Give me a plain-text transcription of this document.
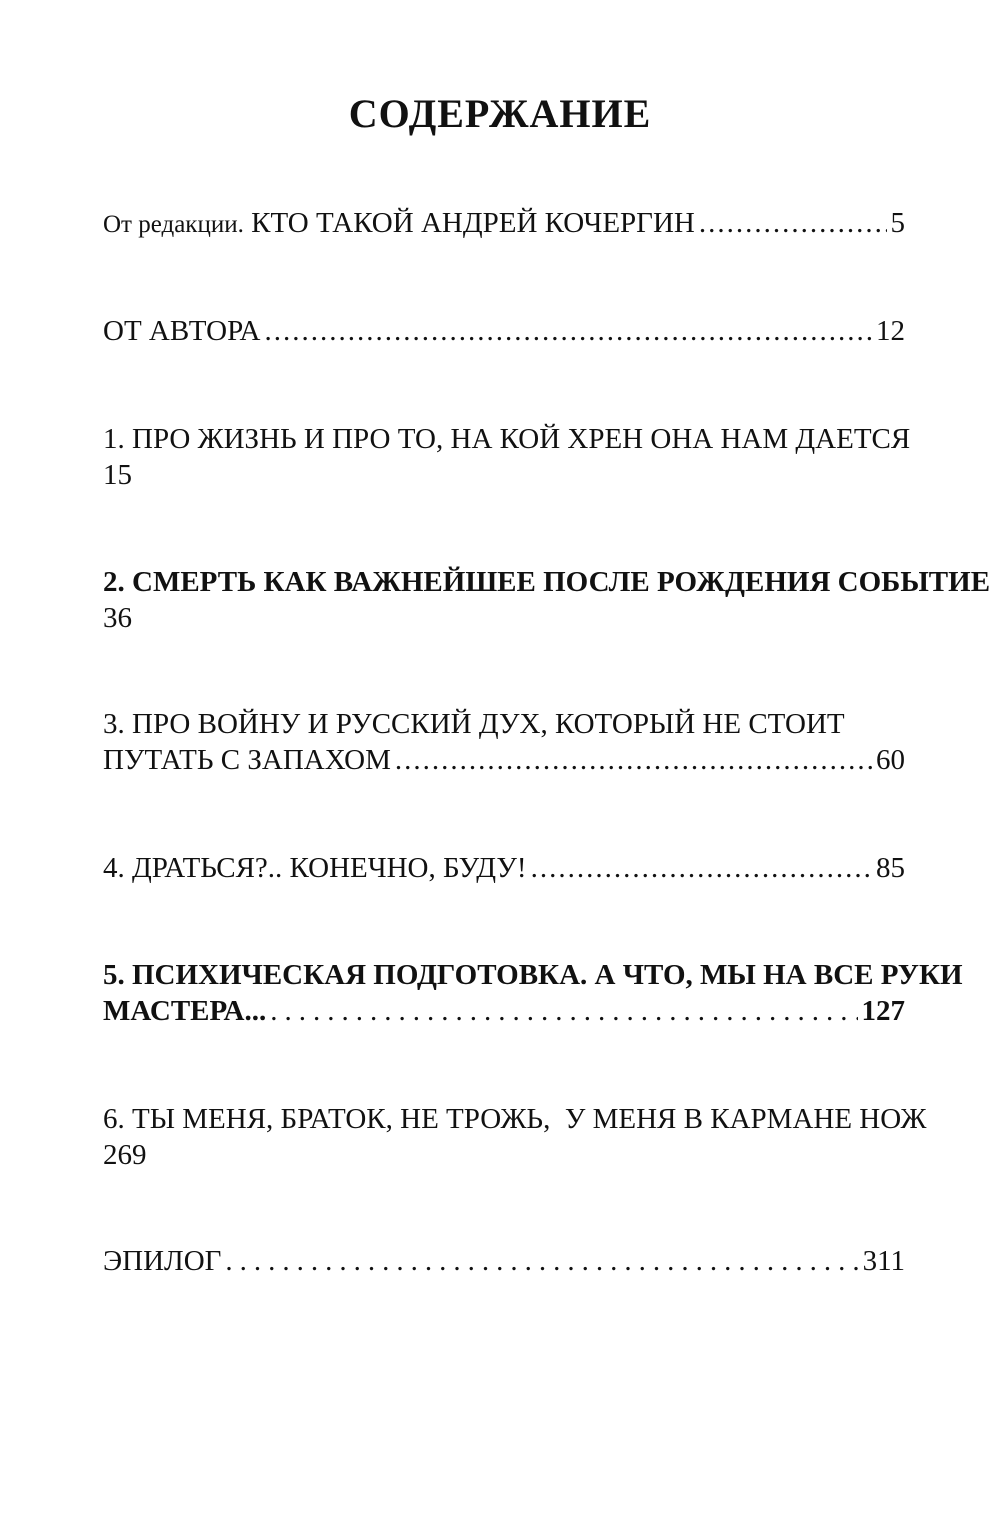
СОДЕРЖАНИЕ
От редакции.
КТО ТАКОЙ АНДРЕЙ КОЧЕРГИН .....	5
ОТ АВТОРА .....	12
1. ПРО ЖИЗНЬ И ПРО ТО, НА КОЙ ХРЕН ОНА НАМ ДАЕТСЯ
15
2. СМЕРТЬ КАК ВАЖНЕЙШЕЕ ПОСЛЕ РОЖДЕНИЯ СОБЫТИЕ
36
3. ПРО ВОЙНУ И РУССКИЙ ДУХ, КОТОРЫЙ НЕ СТОИТ
ПУТАТЬ С ЗАПАХОМ .....	60
4. ДРАТЬСЯ?.. КОНЕЧНО, БУДУ! .....	85
5. ПСИХИЧЕСКАЯ ПОДГОТОВКА. А ЧТО, МЫ НА ВСЕ РУКИ
МАСТЕРА... .....	127
6. ТЫ МЕНЯ, БРАТОК, НЕ ТРОЖЬ,  У МЕНЯ В КАРМАНЕ НОЖ
269
ЭПИЛОГ .....	311
